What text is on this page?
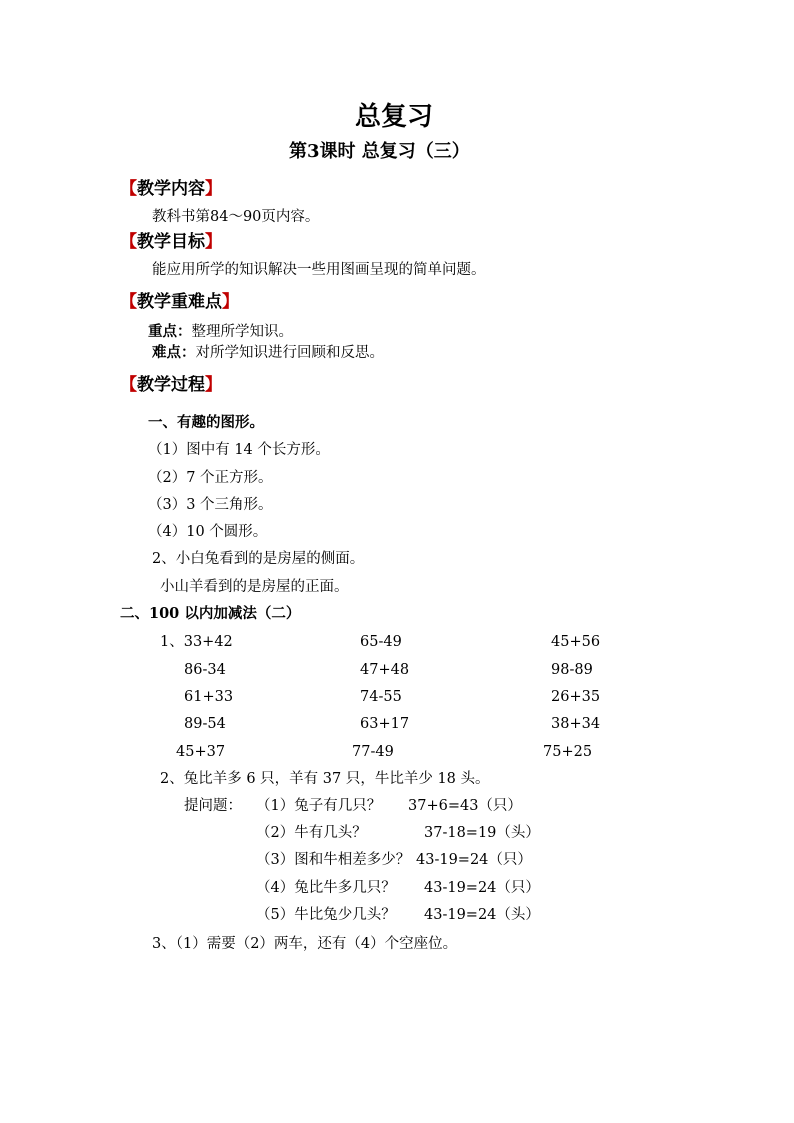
总复习
第3课时 总复习（三）
【教学内容】
教科书第84～90页内容。
【教学目标】
能应用所学的知识解决一些用图画呈现的简单问题。
【教学重难点】
重点：整理所学知识。
难点：对所学知识进行回顾和反思。
【教学过程】
一、有趣的图形。
（1）图中有 14 个长方形。
（2）7 个正方形。
（3）3 个三角形。
（4）10 个圆形。
2、小白兔看到的是房屋的侧面。
小山羊看到的是房屋的正面。
二、100 以内加减法（二）
1、33+42	65-49	45+56
86-34	47+48	98-89
61+33	74-55	26+35
89-54	63+17	38+34
45+37	77-49	75+25
2、兔比羊多 6 只，羊有 37 只，牛比羊少 18 头。
提问题： （1）兔子有几只？ 37+6=43（只）
（2）牛有几头？	37-18=19（头）
（3）图和牛相差多少？ 43-19=24（只）
（4）兔比牛多几只？ 43-19=24（只）
（5）牛比兔少几头？ 43-19=24（头）
3、（1）需要（2）两车，还有（4）个空座位。
